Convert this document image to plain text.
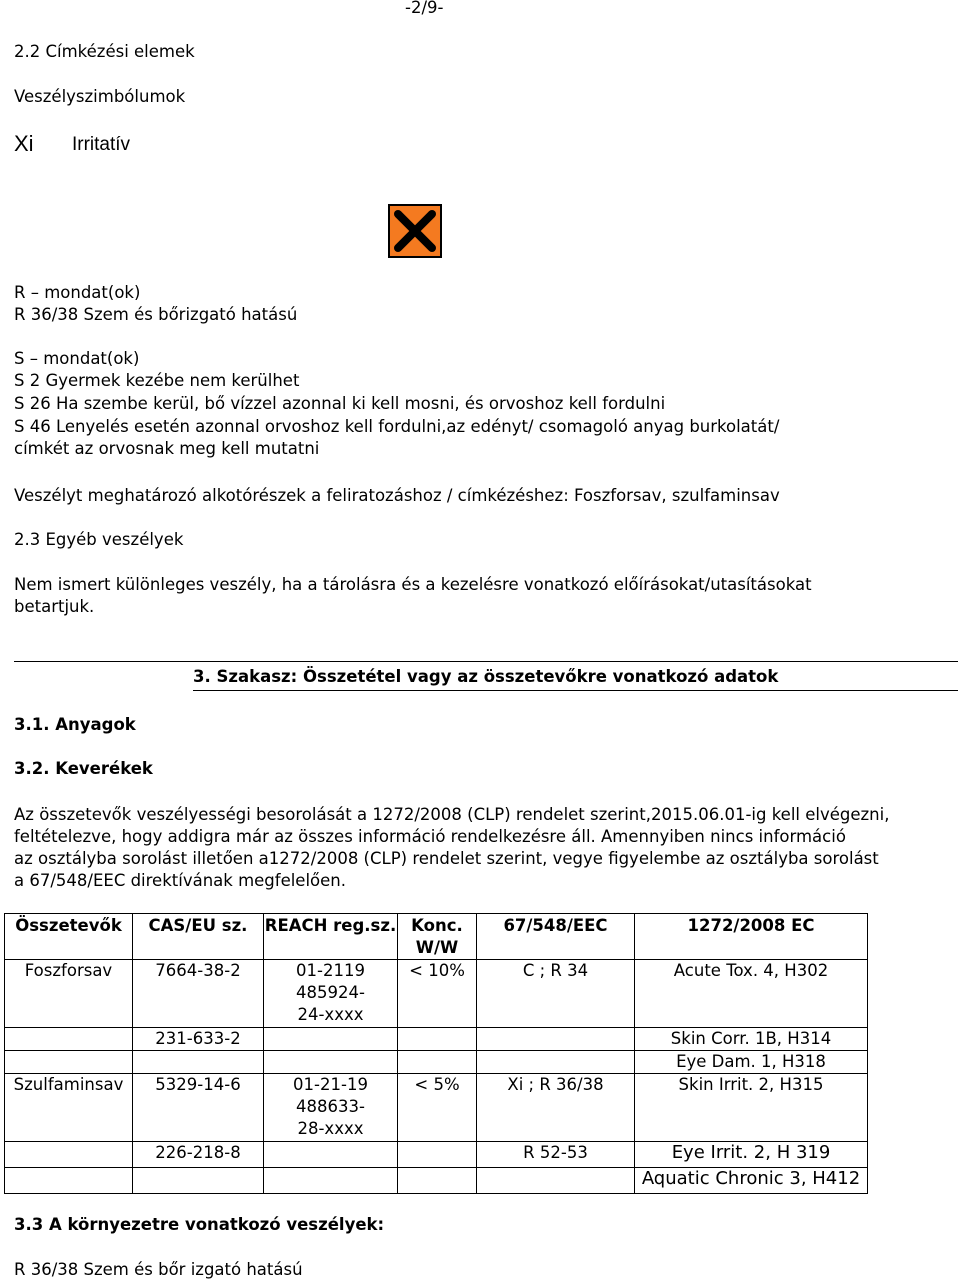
-2/9-
2.2 Címkézési elemek
Veszélyszimbólumok
Xi Irritatív
R – mondat(ok)
R 36/38 Szem és bőrizgató hatású
S – mondat(ok)
S 2 Gyermek kezébe nem kerülhet
S 26 Ha szembe kerül, bő vízzel azonnal ki kell mosni, és orvoshoz kell fordulni
S 46 Lenyelés esetén azonnal orvoshoz kell fordulni,az edényt/ csomagoló anyag burkolatát/
címkét az orvosnak meg kell mutatni
Veszélyt meghatározó alkotórészek a feliratozáshoz / címkézéshez: Foszforsav, szulfaminsav
2.3 Egyéb veszélyek
Nem ismert különleges veszély, ha a tárolásra és a kezelésre vonatkozó előírásokat/utasításokat
betartjuk.
3. Szakasz: Összetétel vagy az összetevőkre vonatkozó adatok
3.1. Anyagok
3.2. Keverékek
Az összetevők veszélyességi besorolását a 1272/2008 (CLP) rendelet szerint,2015.06.01-ig kell elvégezni,
feltételezve, hogy addigra már az összes információ rendelkezésre áll. Amennyiben nincs információ
az osztályba sorolást illetően a1272/2008 (CLP) rendelet szerint, vegye figyelembe az osztályba sorolást
a 67/548/EEC direktívának megfelelően.
Összetevők	CAS/EU sz.	REACH reg.sz.	Konc. W/W	67/548/EEC	1272/2008 EC
Foszforsav	7664-38-2	01-2119485924-24-xxxx	< 10%	C ; R 34	Acute Tox. 4, H302
	231-633-2				Skin Corr. 1B, H314
					Eye Dam. 1, H318
Szulfaminsav	5329-14-6	01-21-19488633-28-xxxx	< 5%	Xi ; R 36/38	Skin Irrit. 2, H315
	226-218-8			R 52-53	Eye Irrit. 2, H 319
					Aquatic Chronic 3, H412
3.3 A környezetre vonatkozó veszélyek:
R 36/38 Szem és bőr izgató hatású
